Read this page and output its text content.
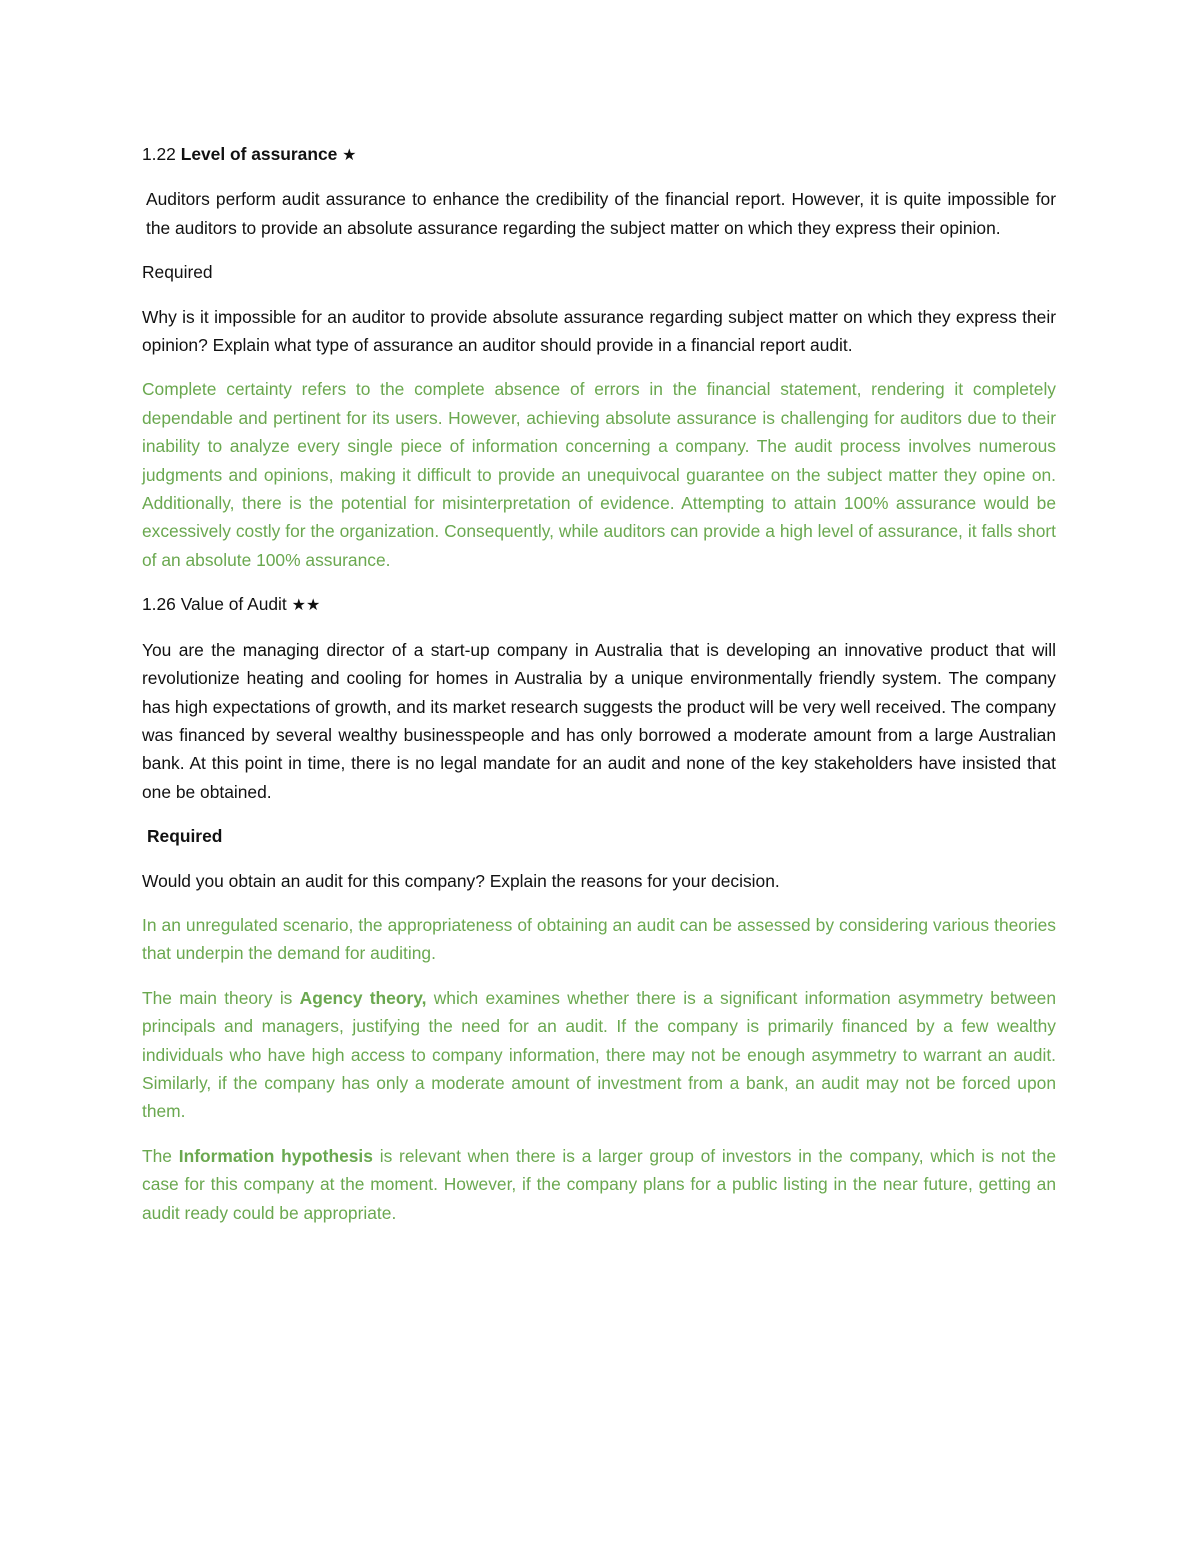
1.22 Level of assurance ★

Auditors perform audit assurance to enhance the credibility of the financial report. However, it is quite impossible for the auditors to provide an absolute assurance regarding the subject matter on which they express their opinion.

Required

Why is it impossible for an auditor to provide absolute assurance regarding subject matter on which they express their opinion? Explain what type of assurance an auditor should provide in a financial report audit.

Complete certainty refers to the complete absence of errors in the financial statement, rendering it completely dependable and pertinent for its users. However, achieving absolute assurance is challenging for auditors due to their inability to analyze every single piece of information concerning a company. The audit process involves numerous judgments and opinions, making it difficult to provide an unequivocal guarantee on the subject matter they opine on. Additionally, there is the potential for misinterpretation of evidence. Attempting to attain 100% assurance would be excessively costly for the organization. Consequently, while auditors can provide a high level of assurance, it falls short of an absolute 100% assurance.

1.26 Value of Audit ★★

You are the managing director of a start-up company in Australia that is developing an innovative product that will revolutionize heating and cooling for homes in Australia by a unique environmentally friendly system. The company has high expectations of growth, and its market research suggests the product will be very well received. The company was financed by several wealthy businesspeople and has only borrowed a moderate amount from a large Australian bank. At this point in time, there is no legal mandate for an audit and none of the key stakeholders have insisted that one be obtained.

Required

Would you obtain an audit for this company? Explain the reasons for your decision.

In an unregulated scenario, the appropriateness of obtaining an audit can be assessed by considering various theories that underpin the demand for auditing.

The main theory is Agency theory, which examines whether there is a significant information asymmetry between principals and managers, justifying the need for an audit. If the company is primarily financed by a few wealthy individuals who have high access to company information, there may not be enough asymmetry to warrant an audit. Similarly, if the company has only a moderate amount of investment from a bank, an audit may not be forced upon them.

The Information hypothesis is relevant when there is a larger group of investors in the company, which is not the case for this company at the moment. However, if the company plans for a public listing in the near future, getting an audit ready could be appropriate.
